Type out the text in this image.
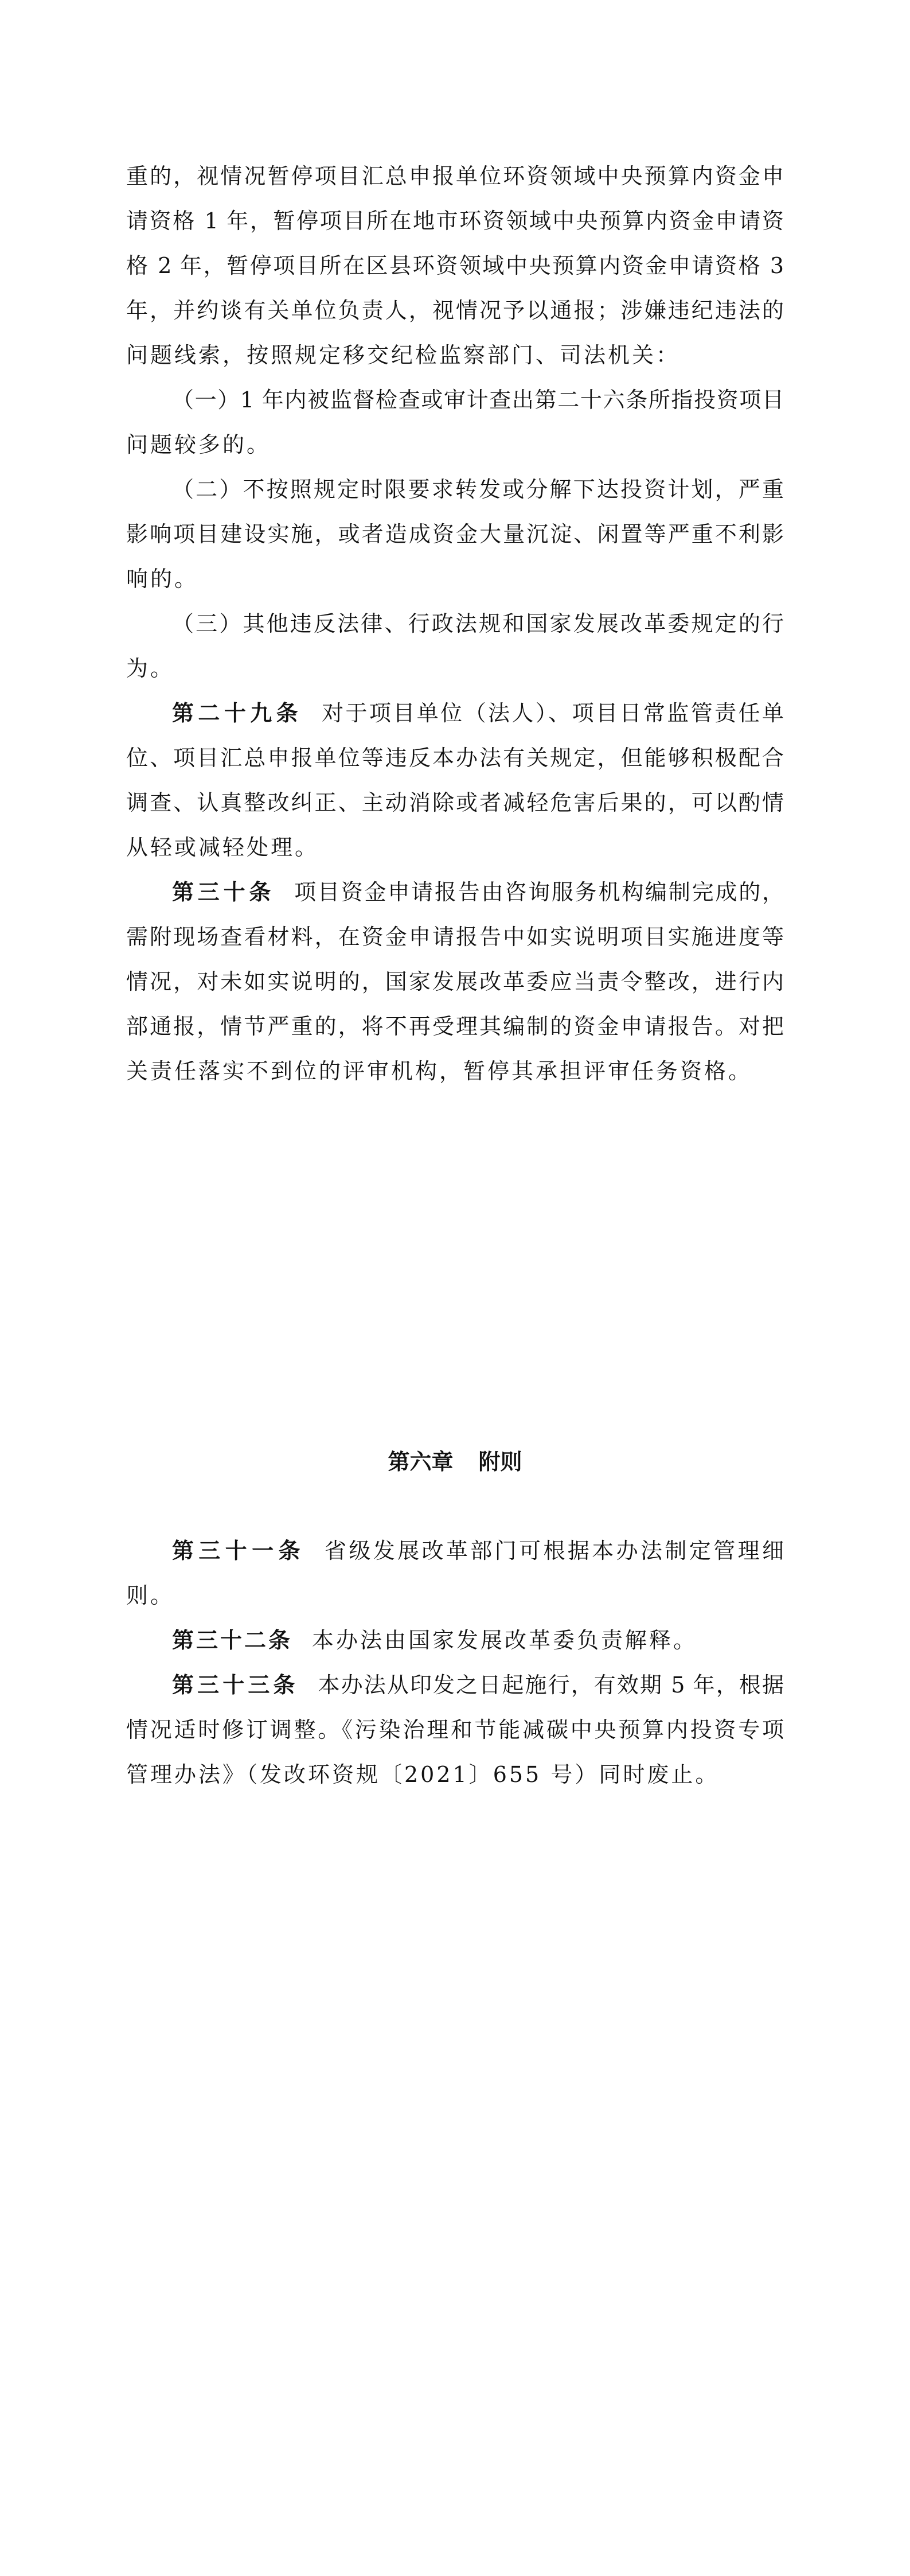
重的，视情况暂停项目汇总申报单位环资领域中央预算内资金申
请资格 1 年，暂停项目所在地市环资领域中央预算内资金申请资
格 2 年，暂停项目所在区县环资领域中央预算内资金申请资格 3
年，并约谈有关单位负责人，视情况予以通报；涉嫌违纪违法的
问题线索，按照规定移交纪检监察部门、司法机关：
（一）1 年内被监督检查或审计查出第二十六条所指投资项目
问题较多的。
（二）不按照规定时限要求转发或分解下达投资计划，严重
影响项目建设实施，或者造成资金大量沉淀、闲置等严重不利影
响的。
（三）其他违反法律、行政法规和国家发展改革委规定的行
为。
第二十九条 对于项目单位（法人）、项目日常监管责任单
位、项目汇总申报单位等违反本办法有关规定，但能够积极配合
调查、认真整改纠正、主动消除或者减轻危害后果的，可以酌情
从轻或减轻处理。
第三十条 项目资金申请报告由咨询服务机构编制完成的，
需附现场查看材料，在资金申请报告中如实说明项目实施进度等
情况，对未如实说明的，国家发展改革委应当责令整改，进行内
部通报，情节严重的，将不再受理其编制的资金申请报告。对把
关责任落实不到位的评审机构，暂停其承担评审任务资格。
第六章 附则
第三十一条 省级发展改革部门可根据本办法制定管理细
则。
第三十二条 本办法由国家发展改革委负责解释。
第三十三条 本办法从印发之日起施行，有效期 5 年，根据
情况适时修订调整。《污染治理和节能减碳中央预算内投资专项
管理办法》（发改环资规〔2021〕655 号）同时废止。
